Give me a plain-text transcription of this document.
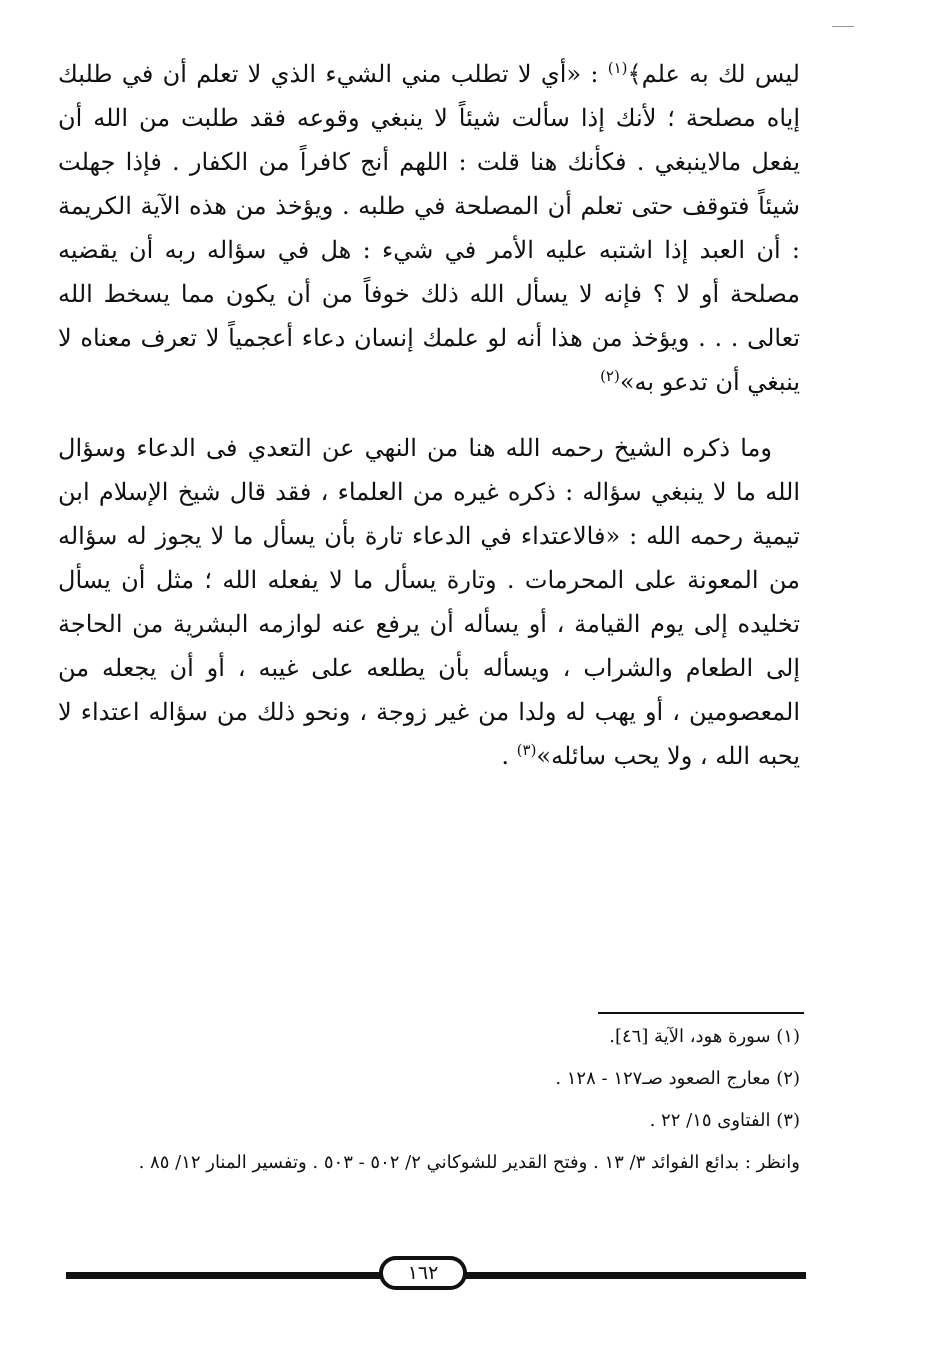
ليس لك به علم﴾$^{(١)}$ : «أي لا تطلب مني الشيء الذي لا تعلم أن في طلبك إياه مصلحة ؛ لأنك إذا سألت شيئاً لا ينبغي وقوعه فقد طلبت من الله أن يفعل مالاينبغي . فكأنك هنا قلت : اللهم أنج كافراً من الكفار . فإذا جهلت شيئاً فتوقف حتى تعلم أن المصلحة في طلبه . ويؤخذ من هذه الآية الكريمة : أن العبد إذا اشتبه عليه الأمر في شيء : هل في سؤاله ربه أن يقضيه مصلحة أو لا ؟ فإنه لا يسأل الله ذلك خوفاً من أن يكون مما يسخط الله تعالى . . . ويؤخذ من هذا أنه لو علمك إنسان دعاء أعجمياً لا تعرف معناه لا ينبغي أن تدعو به»$^{(٢)}$

وما ذكره الشيخ رحمه الله هنا من النهي عن التعدي فى الدعاء وسؤال الله ما لا ينبغي سؤاله : ذكره غيره من العلماء ، فقد قال شيخ الإسلام ابن تيمية رحمه الله : «فالاعتداء في الدعاء تارة بأن يسأل ما لا يجوز له سؤاله من المعونة على المحرمات . وتارة يسأل ما لا يفعله الله ؛ مثل أن يسأل تخليده إلى يوم القيامة ، أو يسأله أن يرفع عنه لوازمه البشرية من الحاجة إلى الطعام والشراب ، ويسأله بأن يطلعه على غيبه ، أو أن يجعله من المعصومين ، أو يهب له ولدا من غير زوجة ، ونحو ذلك من سؤاله اعتداء لا يحبه الله ، ولا يحب سائله»$^{(٣)}$ .

(١) سورة هود، الآية [٤٦].
(٢) معارج الصعود صـ١٢٧ - ١٢٨ .
(٣) الفتاوى ١٥/ ٢٢ .
وانظر : بدائع الفوائد ٣/ ١٣ . وفتح القدير للشوكاني ٢/ ٥٠٢ - ٥٠٣ . وتفسير المنار ١٢/ ٨٥ .
١٦٢
